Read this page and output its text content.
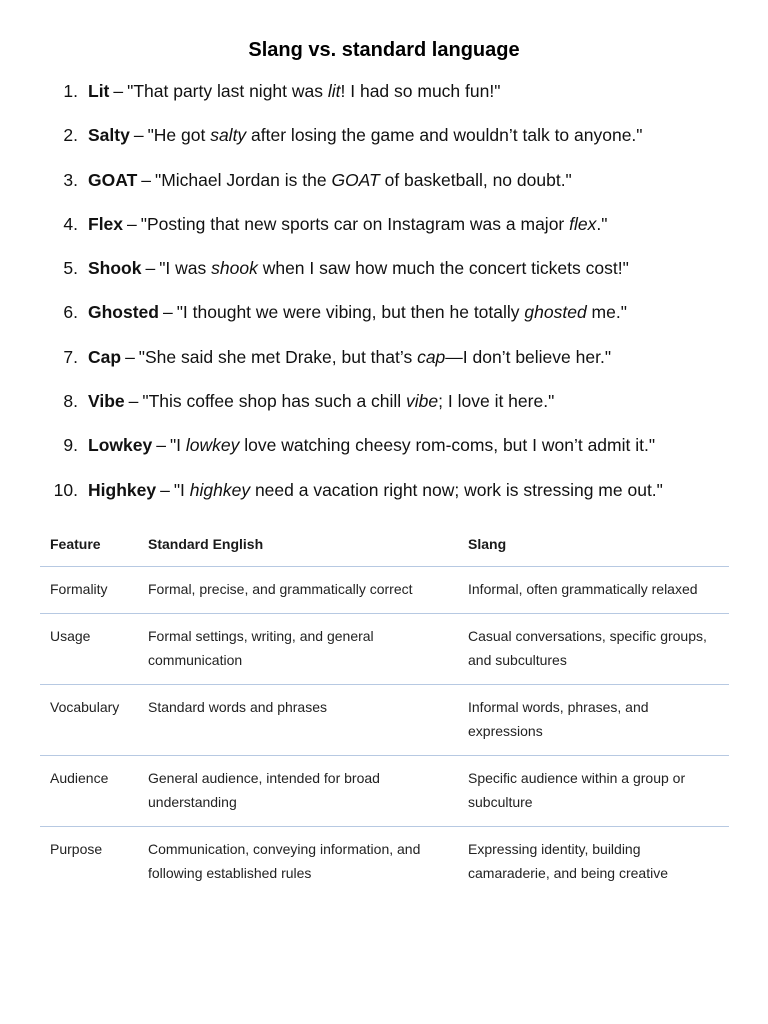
Slang vs. standard language
1. Lit – "That party last night was lit! I had so much fun!"
2. Salty – "He got salty after losing the game and wouldn’t talk to anyone."
3. GOAT – "Michael Jordan is the GOAT of basketball, no doubt."
4. Flex – "Posting that new sports car on Instagram was a major flex."
5. Shook – "I was shook when I saw how much the concert tickets cost!"
6. Ghosted – "I thought we were vibing, but then he totally ghosted me."
7. Cap – "She said she met Drake, but that’s cap—I don’t believe her."
8. Vibe – "This coffee shop has such a chill vibe; I love it here."
9. Lowkey – "I lowkey love watching cheesy rom-coms, but I won’t admit it."
10. Highkey – "I highkey need a vacation right now; work is stressing me out."
Feature	Standard English	Slang
Formality	Formal, precise, and grammatically correct	Informal, often grammatically relaxed
Usage	Formal settings, writing, and general communication	Casual conversations, specific groups, and subcultures
Vocabulary	Standard words and phrases	Informal words, phrases, and expressions
Audience	General audience, intended for broad understanding	Specific audience within a group or subculture
Purpose	Communication, conveying information, and following established rules	Expressing identity, building camaraderie, and being creative
